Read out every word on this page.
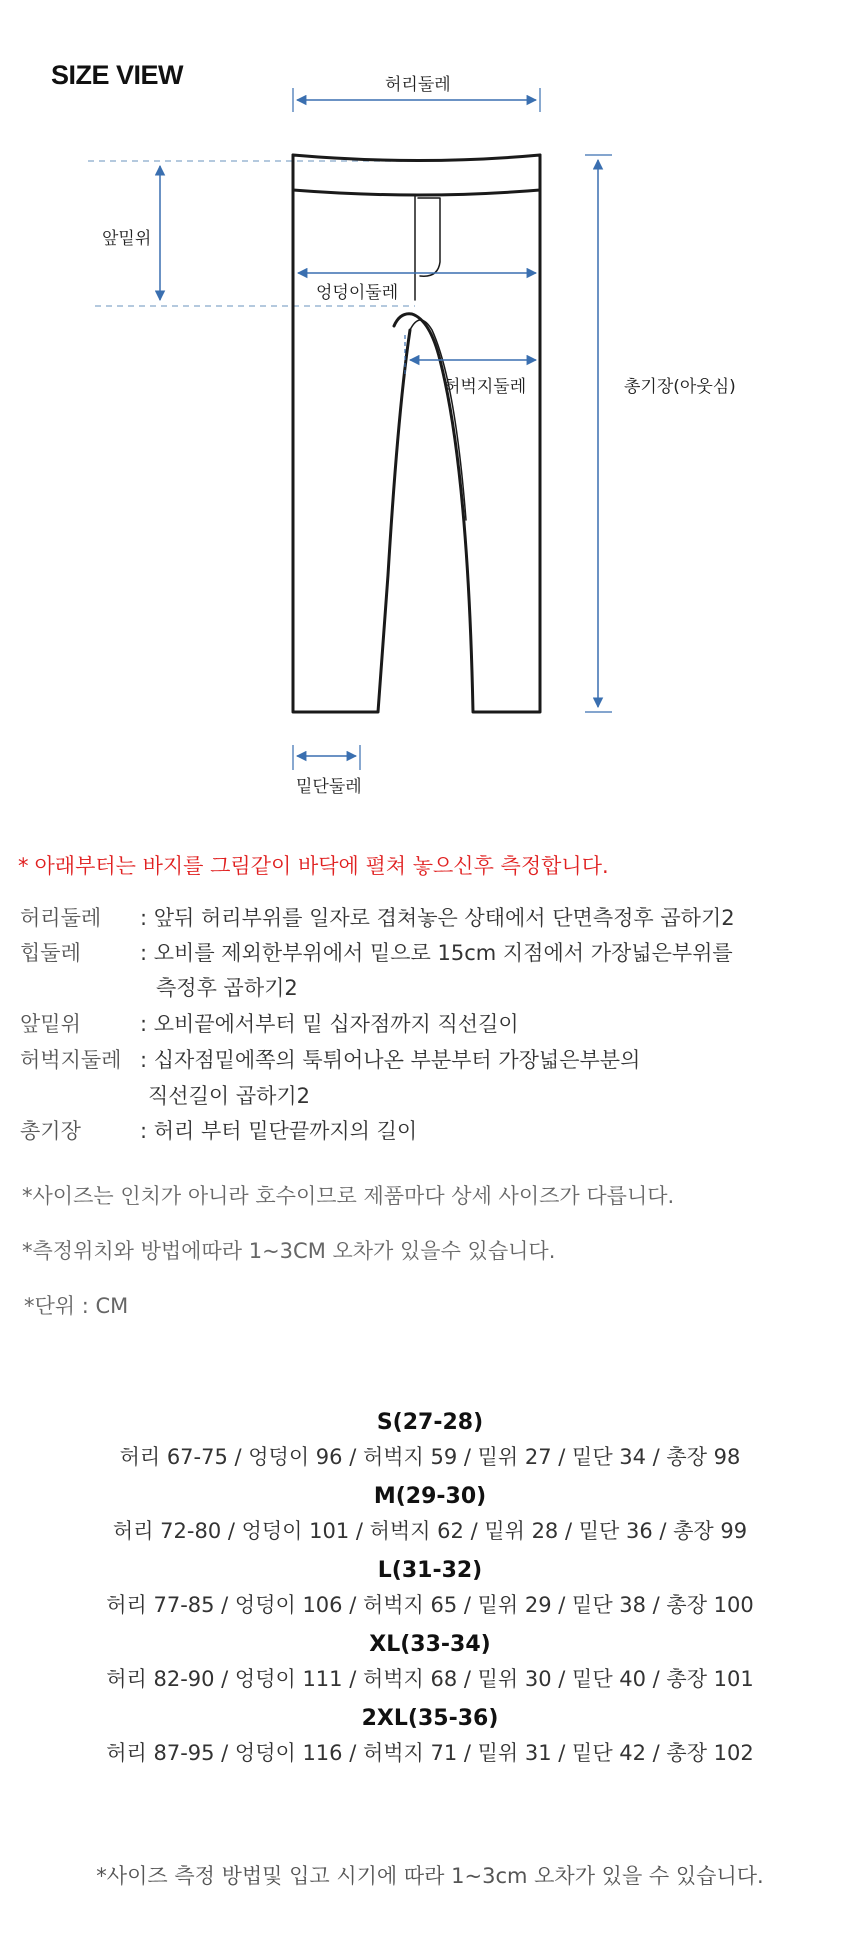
SIZE VIEW	허리둘레
앞밑위
엉덩이둘레
허벅지둘레	총기장(아웃심)
밑단둘레
* 아래부터는 바지를 그림같이 바닥에 펼쳐 놓으신후 측정합니다.
허리둘레 : 앞뒤 허리부위를 일자로 겹쳐놓은 상태에서 단면측정후 곱하기2
힙둘레	: 오비를 제외한부위에서 밑으로 15cm 지점에서 가장넓은부위를
측정후 곱하기2
앞밑위	: 오비끝에서부터 밑 십자점까지 직선길이
허벅지둘레 : 십자점밑에쪽의 툭튀어나온 부분부터 가장넓은부분의
직선길이 곱하기2
총기장	: 허리 부터 밑단끝까지의 길이
*사이즈는 인치가 아니라 호수이므로 제품마다 상세 사이즈가 다릅니다.
*측정위치와 방법에따라 1~3CM 오차가 있을수 있습니다.
*단위 : CM
S(27-28)
허리 67-75 / 엉덩이 96 / 허벅지 59 / 밑위 27 / 밑단 34 / 총장 98
M(29-30)
허리 72-80 / 엉덩이 101 / 허벅지 62 / 밑위 28 / 밑단 36 / 총장 99
L(31-32)
허리 77-85 / 엉덩이 106 / 허벅지 65 / 밑위 29 / 밑단 38 / 총장 100
XL(33-34)
허리 82-90 / 엉덩이 111 / 허벅지 68 / 밑위 30 / 밑단 40 / 총장 101
2XL(35-36)
허리 87-95 / 엉덩이 116 / 허벅지 71 / 밑위 31 / 밑단 42 / 총장 102
*사이즈 측정 방법및 입고 시기에 따라 1~3cm 오차가 있을 수 있습니다.
